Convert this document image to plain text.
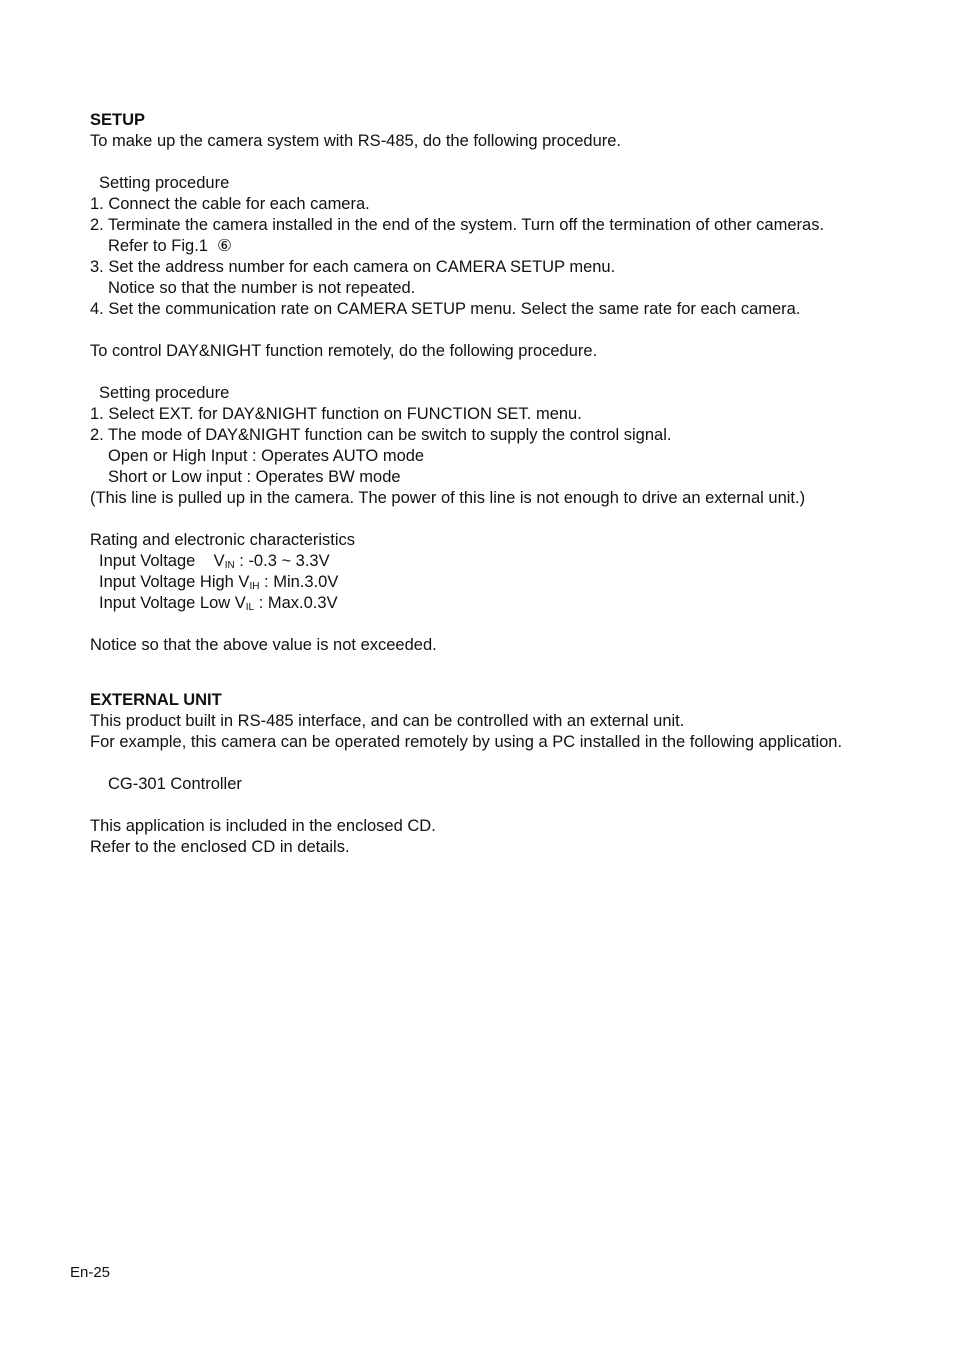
SETUP
To make up the camera system with RS-485, do the following procedure.
Setting procedure
1. Connect the cable for each camera.
2. Terminate the camera installed in the end of the system. Turn off the termination of other cameras.
Refer to Fig.1  ⑥
3. Set the address number for each camera on CAMERA SETUP menu.
Notice so that the number is not repeated.
4. Set the communication rate on CAMERA SETUP menu. Select the same rate for each camera.
To control DAY&NIGHT function remotely, do the following procedure.
Setting procedure
1. Select EXT. for DAY&NIGHT function on FUNCTION SET. menu.
2. The mode of DAY&NIGHT function can be switch to supply the control signal.
Open or High Input : Operates AUTO mode
Short or Low input : Operates BW mode
(This line is pulled up in the camera. The power of this line is not enough to drive an external unit.)
Rating and electronic characteristics
Input Voltage    $V_{IN}$ : -0.3 ~ 3.3V
Input Voltage High $V_{IH}$ : Min.3.0V
Input Voltage Low $V_{IL}$ : Max.0.3V
Notice so that the above value is not exceeded.
EXTERNAL UNIT
This product built in RS-485 interface, and can be controlled with an external unit.
For example, this camera can be operated remotely by using a PC installed in the following application.
CG-301 Controller
This application is included in the enclosed CD.
Refer to the enclosed CD in details.
En-25
